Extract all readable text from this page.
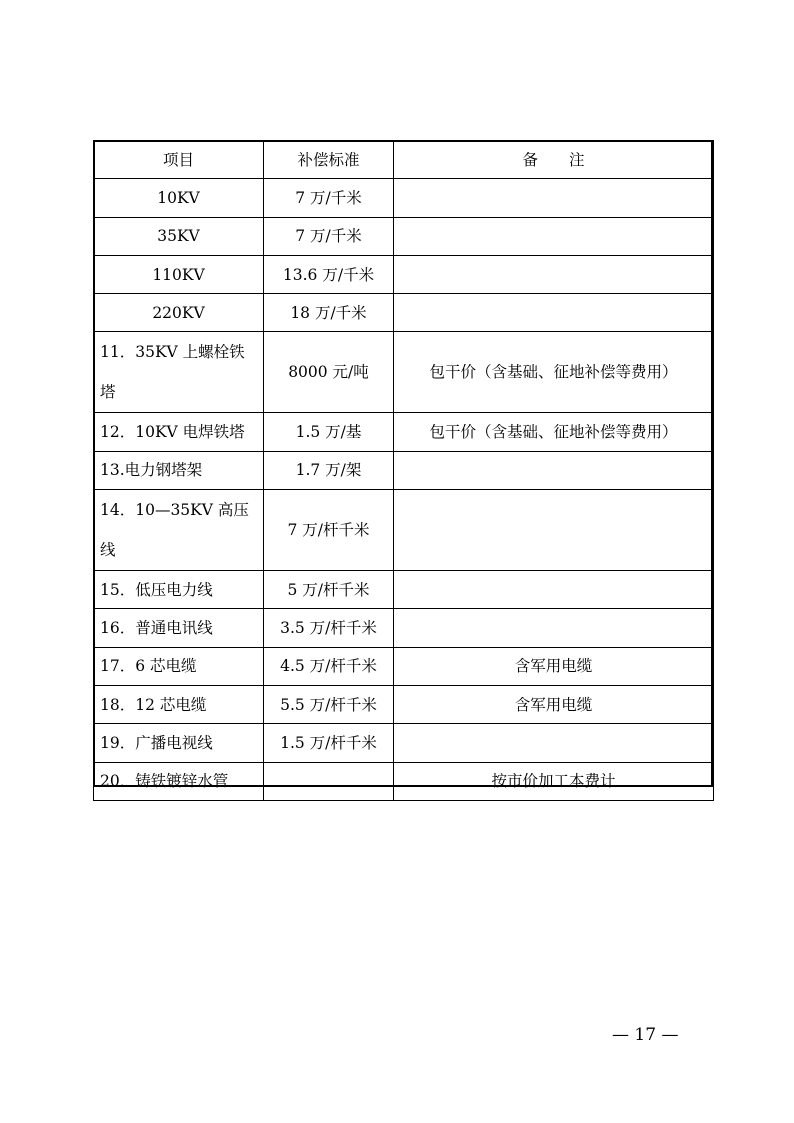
项目	补偿标准	备　　注
10KV	7 万/千米	
35KV	7 万/千米	
110KV	13.6 万/千米	
220KV	18 万/千米	

11．35KV 上螺栓铁
塔	8000 元/吨	包干价（含基础、征地补偿等费用）
12．10KV 电焊铁塔	1.5 万/基	包干价（含基础、征地补偿等费用）
13.电力钢塔架	1.7 万/架	

14．10—35KV 高压
线	7 万/杆千米	
15．低压电力线	5 万/杆千米	
16．普通电讯线	3.5 万/杆千米	
17．6 芯电缆	4.5 万/杆千米	含军用电缆
18．12 芯电缆	5.5 万/杆千米	含军用电缆
19．广播电视线	1.5 万/杆千米	
20．铸铁镀锌水管		按市价加工本费计
— 17 —
